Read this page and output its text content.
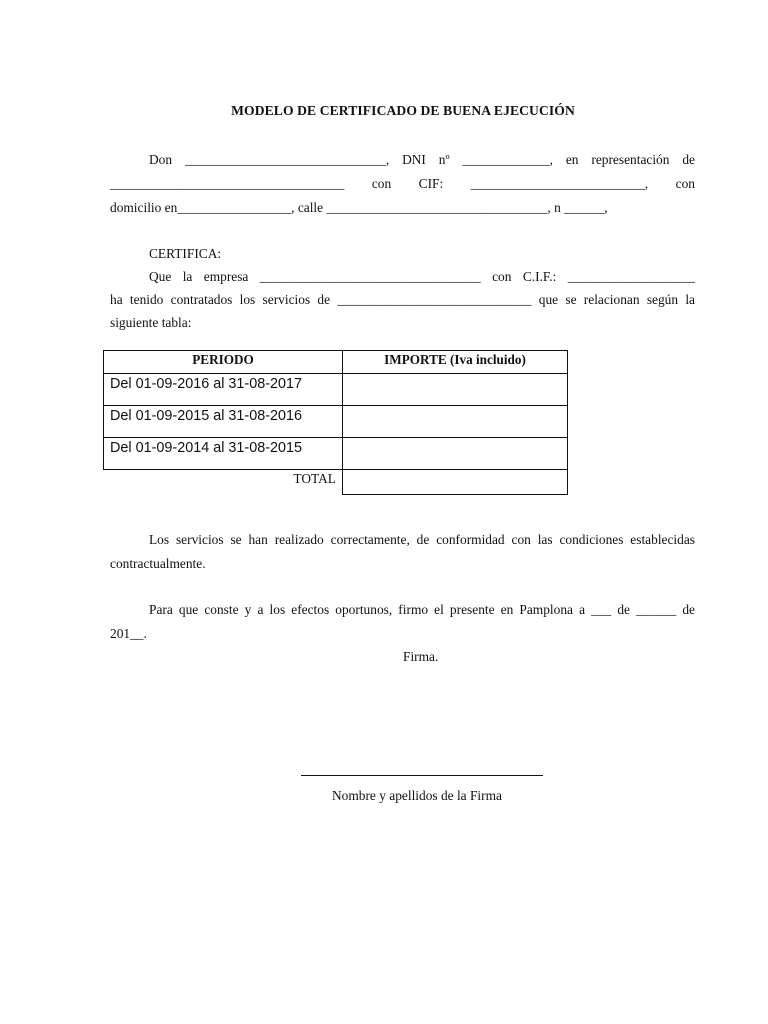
MODELO DE CERTIFICADO DE BUENA EJECUCIÓN
Don ______________________________, DNI nº _____________, en representación de
___________________________________ con CIF: __________________________, con
domicilio en_________________, calle _________________________________, n ______,
CERTIFICA:
Que la empresa _________________________________ con C.I.F.: ___________________
ha tenido contratados los servicios de _____________________________ que se relacionan según la
siguiente tabla:
PERIODO	IMPORTE (Iva incluido)
Del 01-09-2016 al 31-08-2017	
Del 01-09-2015 al 31-08-2016	
Del 01-09-2014 al 31-08-2015	
TOTAL	
Los servicios se han realizado correctamente, de conformidad con las condiciones establecidas
contractualmente.
Para que conste y a los efectos oportunos, firmo el presente en Pamplona a ___ de ______ de
201__.
Firma.
Nombre y apellidos de la Firma
